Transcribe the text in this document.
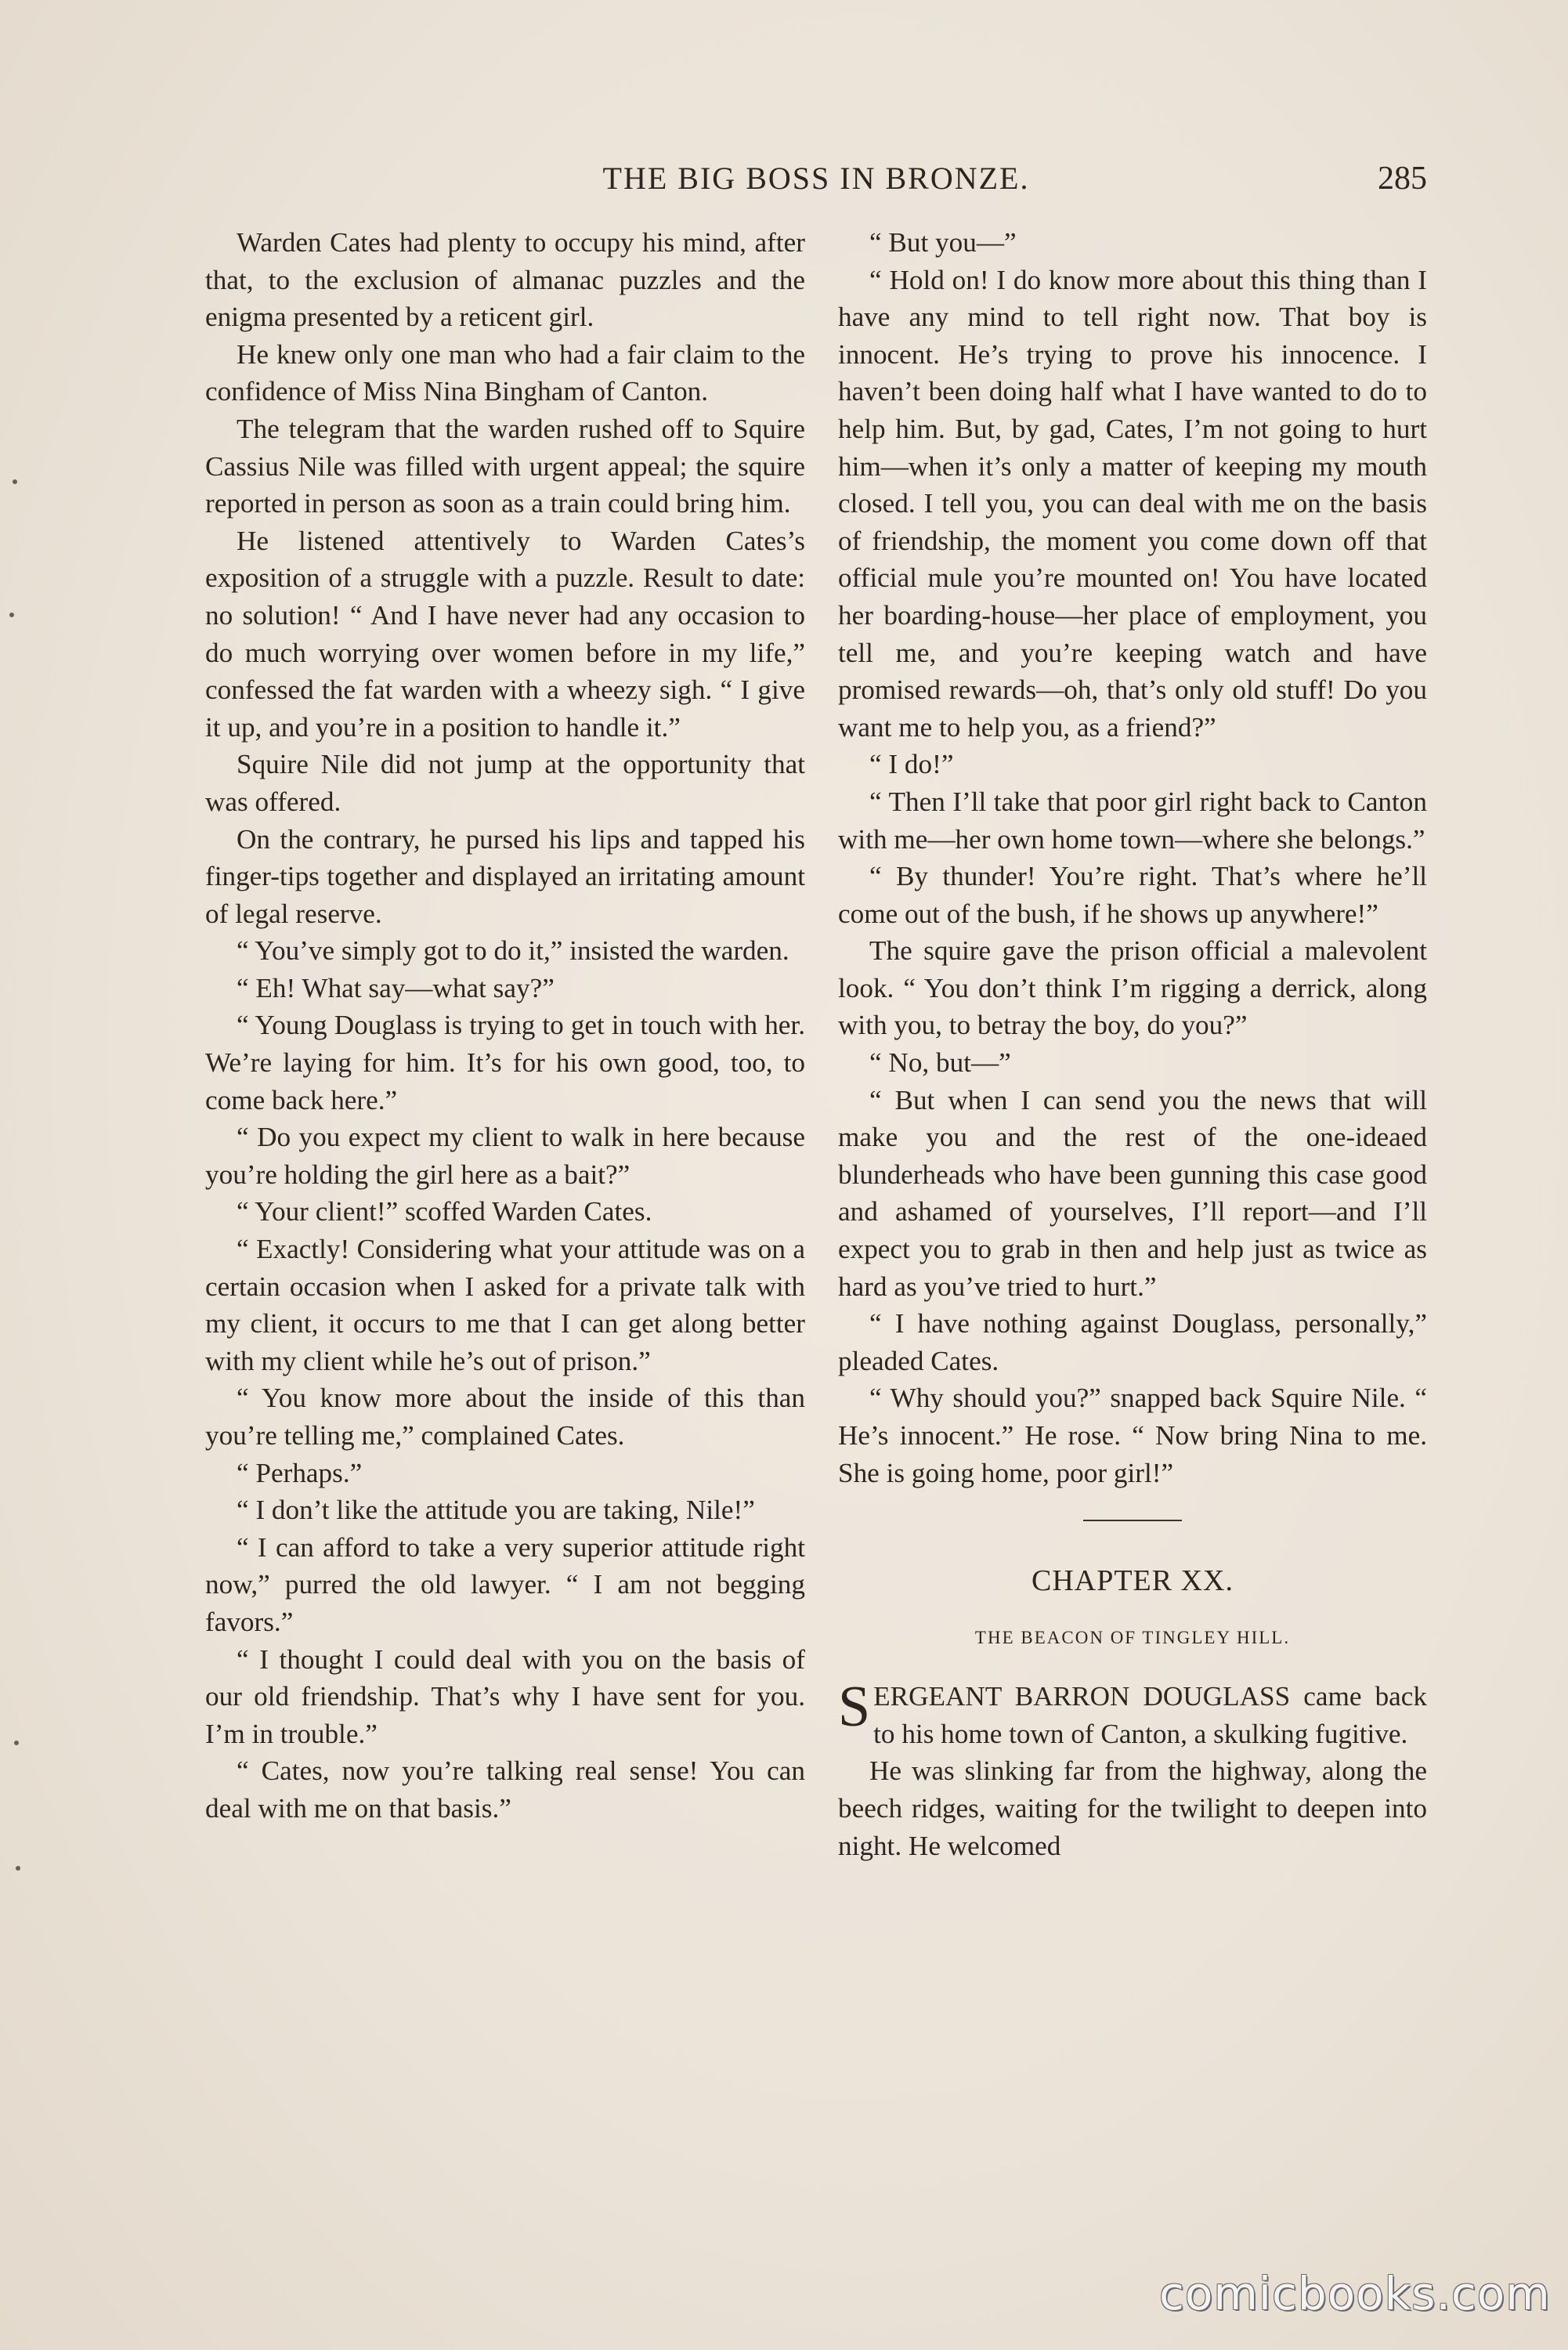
THE BIG BOSS IN BRONZE.	285

Warden Cates had plenty to occupy his mind, after that, to the exclusion of almanac puzzles and the enigma presented by a reticent girl.

He knew only one man who had a fair claim to the confidence of Miss Nina Bingham of Canton.

The telegram that the warden rushed off to Squire Cassius Nile was filled with urgent appeal; the squire reported in person as soon as a train could bring him.

He listened attentively to Warden Cates’s exposition of a struggle with a puzzle. Result to date: no solution! “ And I have never had any occasion to do much worrying over women before in my life,” confessed the fat warden with a wheezy sigh. “ I give it up, and you’re in a position to handle it.”

Squire Nile did not jump at the opportunity that was offered.

On the contrary, he pursed his lips and tapped his finger-tips together and displayed an irritating amount of legal reserve.

“ You’ve simply got to do it,” insisted the warden.

“ Eh! What say—what say?”

“ Young Douglass is trying to get in touch with her. We’re laying for him. It’s for his own good, too, to come back here.”

“ Do you expect my client to walk in here because you’re holding the girl here as a bait?”

“ Your client!” scoffed Warden Cates.

“ Exactly! Considering what your attitude was on a certain occasion when I asked for a private talk with my client, it occurs to me that I can get along better with my client while he’s out of prison.”

“ You know more about the inside of this than you’re telling me,” complained Cates.

“ Perhaps.”

“ I don’t like the attitude you are taking, Nile!”

“ I can afford to take a very superior attitude right now,” purred the old lawyer. “ I am not begging favors.”

“ I thought I could deal with you on the basis of our old friendship. That’s why I have sent for you. I’m in trouble.”

“ Cates, now you’re talking real sense! You can deal with me on that basis.”

“ But you—”

“ Hold on! I do know more about this thing than I have any mind to tell right now. That boy is innocent. He’s trying to prove his innocence. I haven’t been doing half what I have wanted to do to help him. But, by gad, Cates, I’m not going to hurt him—when it’s only a matter of keeping my mouth closed. I tell you, you can deal with me on the basis of friendship, the moment you come down off that official mule you’re mounted on! You have located her boarding-house—her place of employment, you tell me, and you’re keeping watch and have promised rewards—oh, that’s only old stuff! Do you want me to help you, as a friend?”

“ I do!”

“ Then I’ll take that poor girl right back to Canton with me—her own home town—where she belongs.”

“ By thunder! You’re right. That’s where he’ll come out of the bush, if he shows up anywhere!”

The squire gave the prison official a malevolent look. “ You don’t think I’m rigging a derrick, along with you, to betray the boy, do you?”

“ No, but—”

“ But when I can send you the news that will make you and the rest of the one-ideaed blunderheads who have been gunning this case good and ashamed of yourselves, I’ll report—and I’ll expect you to grab in then and help just as twice as hard as you’ve tried to hurt.”

“ I have nothing against Douglass, personally,” pleaded Cates.

“ Why should you?” snapped back Squire Nile. “ He’s innocent.” He rose. “ Now bring Nina to me. She is going home, poor girl!”

CHAPTER XX.
THE BEACON OF TINGLEY HILL.

SERGEANT BARRON DOUGLASS came back to his home town of Canton, a skulking fugitive.

He was slinking far from the highway, along the beech ridges, waiting for the twilight to deepen into night. He welcomed

comicbooks.com
